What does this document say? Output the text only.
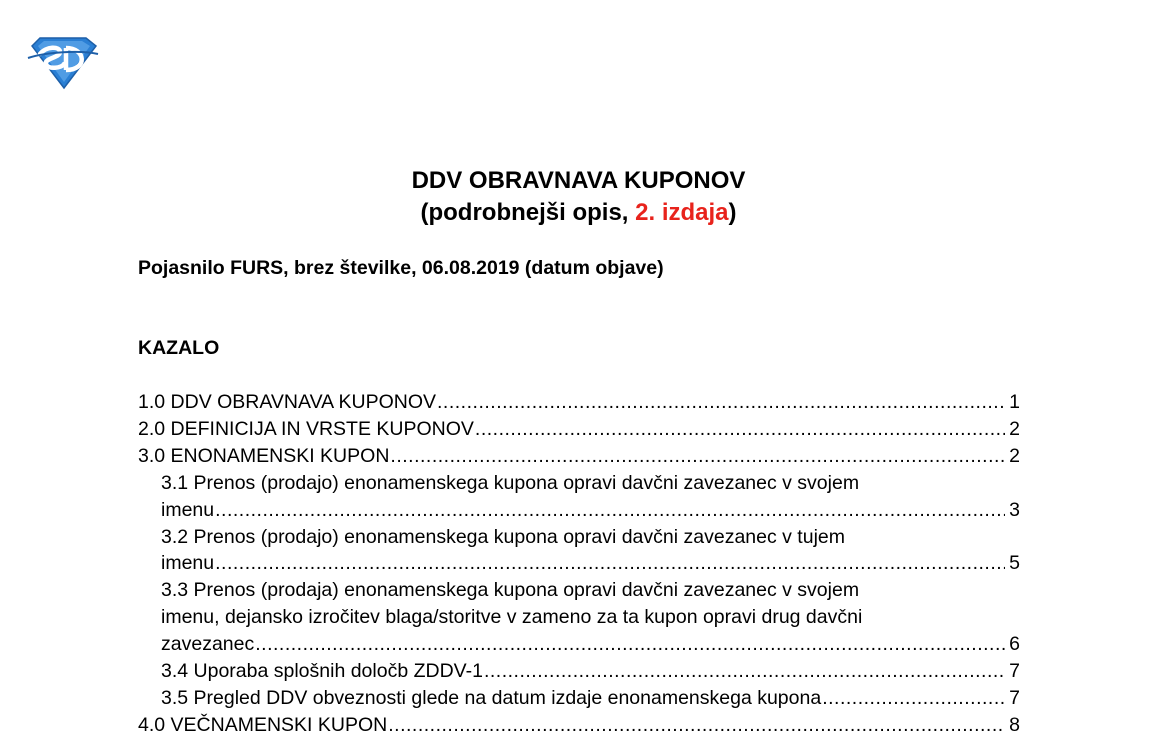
DDV OBRAVNAVA KUPONOV
(podrobnejši opis, 2. izdaja)
Pojasnilo FURS, brez številke, 06.08.2019 (datum objave)
KAZALO
1.0 DDV OBRAVNAVA KUPONOV .....	1
2.0 DEFINICIJA IN VRSTE KUPONOV .....	2
3.0 ENONAMENSKI KUPON .....	2
3.1 Prenos (prodajo) enonamenskega kupona opravi davčni zavezanec v svojem
imenu .....	3
3.2 Prenos (prodajo) enonamenskega kupona opravi davčni zavezanec v tujem
imenu .....	5
3.3 Prenos (prodaja) enonamenskega kupona opravi davčni zavezanec v svojem
imenu, dejansko izročitev blaga/storitve v zameno za ta kupon opravi drug davčni
zavezanec .....	6
3.4 Uporaba splošnih določb ZDDV-1 .....	7
3.5 Pregled DDV obveznosti glede na datum izdaje enonamenskega kupona .....	7
4.0 VEČNAMENSKI KUPON .....	8
